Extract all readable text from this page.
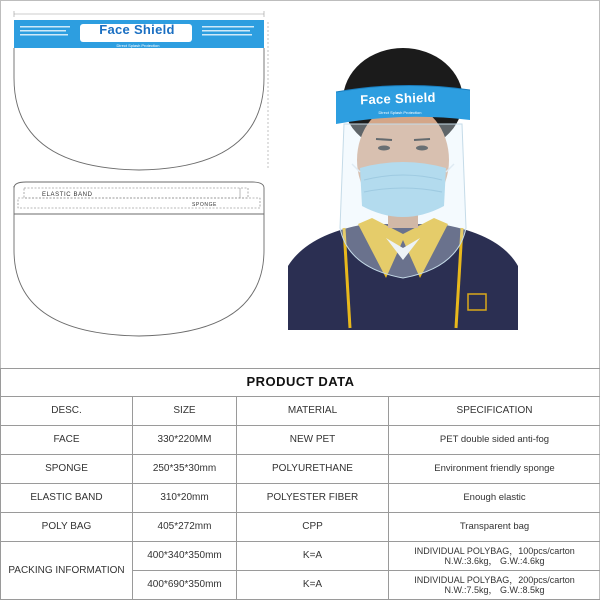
Face Shield
Direct Splash Protection
ELASTIC BAND
SPONGE
Face Shield
Direct Splash Protection
PRODUCT DATA			
DESC.	SIZE	MATERIAL	SPECIFICATION
FACE	330*220MM	NEW PET	PET double sided anti-fog
SPONGE	250*35*30mm	POLYURETHANE	Environment friendly sponge
ELASTIC BAND	310*20mm	POLYESTER FIBER	Enough elastic
POLY BAG	405*272mm	CPP	Transparent bag
PACKING INFORMATION	400*340*350mm	K=A	INDIVIDUAL POLYBAG，100pcs/carton
N.W.:3.6kg， G.W.:4.6kg

	400*690*350mm	K=A	INDIVIDUAL POLYBAG，200pcs/carton
N.W.:7.5kg， G.W.:8.5kg
